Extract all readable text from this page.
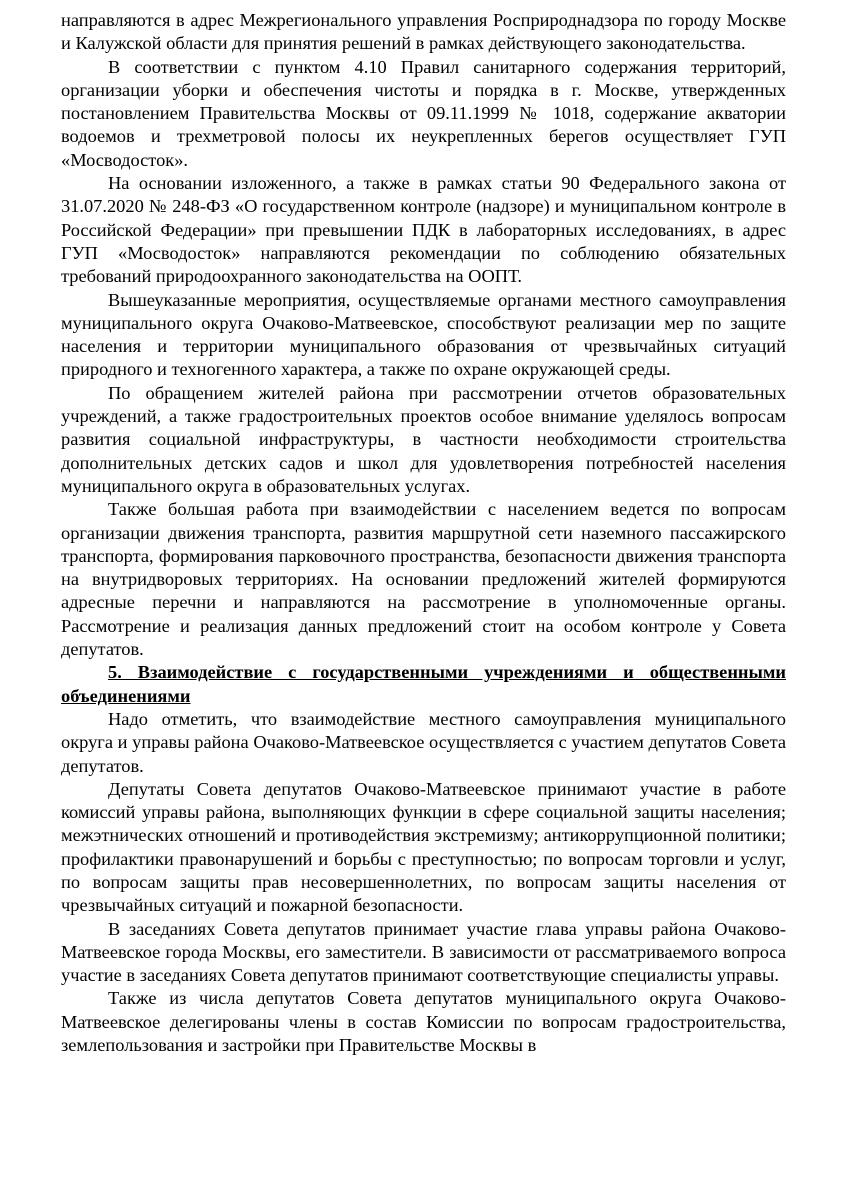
направляются в адрес Межрегионального управления Росприроднадзора по городу Москве и Калужской области для принятия решений в рамках действующего законодательства.

В соответствии с пунктом 4.10 Правил санитарного содержания территорий, организации уборки и обеспечения чистоты и порядка в г. Москве, утвержденных постановлением Правительства Москвы от 09.11.1999 № 1018, содержание акватории водоемов и трехметровой полосы их неукрепленных берегов осуществляет ГУП «Мосводосток».

На основании изложенного, а также в рамках статьи 90 Федерального закона от 31.07.2020 № 248-ФЗ «О государственном контроле (надзоре) и муниципальном контроле в Российской Федерации» при превышении ПДК в лабораторных исследованиях, в адрес ГУП «Мосводосток» направляются рекомендации по соблюдению обязательных требований природоохранного законодательства на ООПТ.

Вышеуказанные мероприятия, осуществляемые органами местного самоуправления муниципального округа Очаково-Матвеевское, способствуют реализации мер по защите населения и территории муниципального образования от чрезвычайных ситуаций природного и техногенного характера, а также по охране окружающей среды.

По обращением жителей района при рассмотрении отчетов образовательных учреждений, а также градостроительных проектов особое внимание уделялось вопросам развития социальной инфраструктуры, в частности необходимости строительства дополнительных детских садов и школ для удовлетворения потребностей населения муниципального округа в образовательных услугах.

Также большая работа при взаимодействии с населением ведется по вопросам организации движения транспорта, развития маршрутной сети наземного пассажирского транспорта, формирования парковочного пространства, безопасности движения транспорта на внутридворовых территориях. На основании предложений жителей формируются адресные перечни и направляются на рассмотрение в уполномоченные органы. Рассмотрение и реализация данных предложений стоит на особом контроле у Совета депутатов.

5. Взаимодействие с государственными учреждениями и общественными объединениями

Надо отметить, что взаимодействие местного самоуправления муниципального округа и управы района Очаково-Матвеевское осуществляется с участием депутатов Совета депутатов.

Депутаты Совета депутатов Очаково-Матвеевское принимают участие в работе комиссий управы района, выполняющих функции в сфере социальной защиты населения; межэтнических отношений и противодействия экстремизму; антикоррупционной политики; профилактики правонарушений и борьбы с преступностью; по вопросам торговли и услуг, по вопросам защиты прав несовершеннолетних, по вопросам защиты населения от чрезвычайных ситуаций и пожарной безопасности.

В заседаниях Совета депутатов принимает участие глава управы района Очаково-Матвеевское города Москвы, его заместители. В зависимости от рассматриваемого вопроса участие в заседаниях Совета депутатов принимают соответствующие специалисты управы.

Также из числа депутатов Совета депутатов муниципального округа Очаково-Матвеевское делегированы члены в состав Комиссии по вопросам градостроительства, землепользования и застройки при Правительстве Москвы в
